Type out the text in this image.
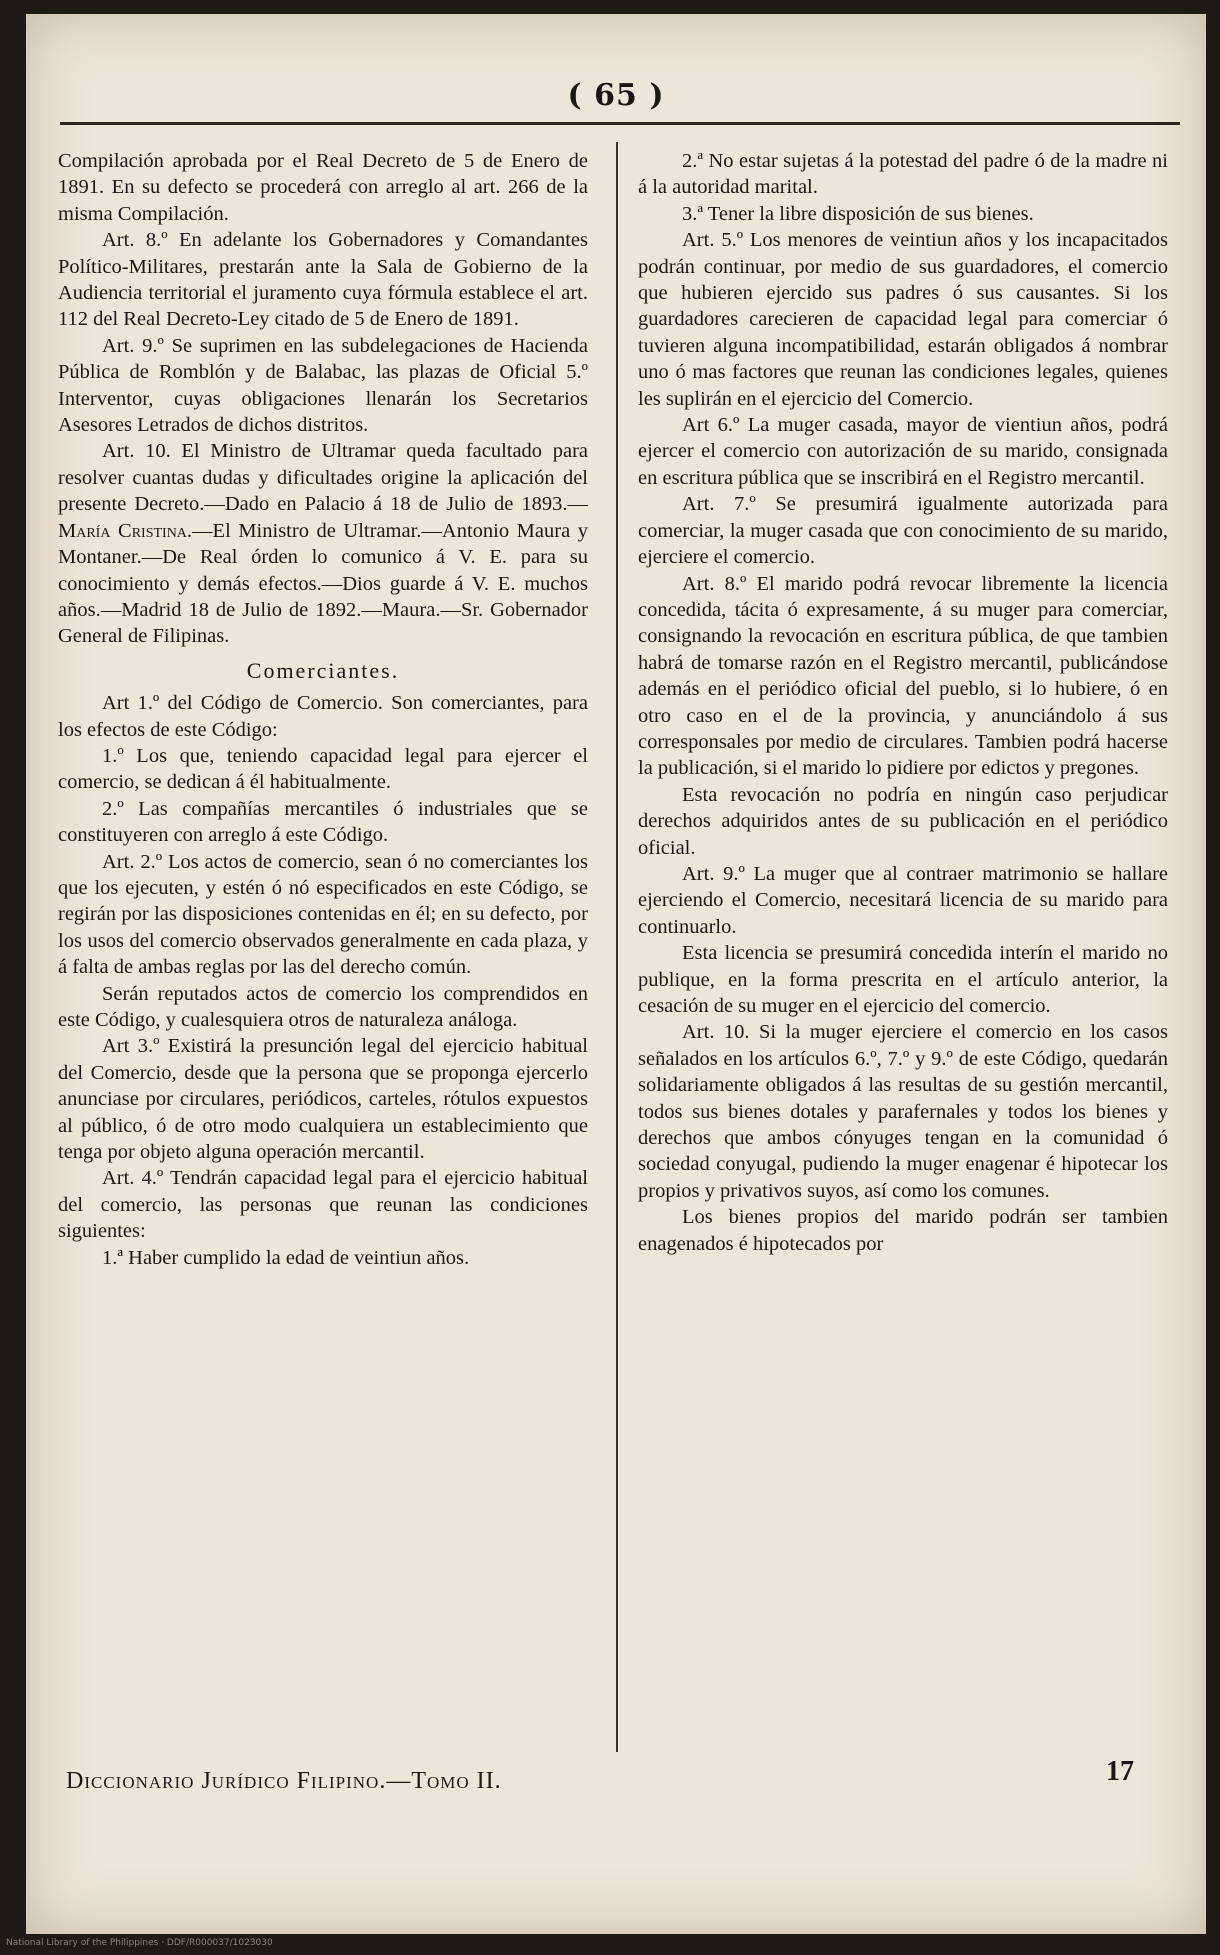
( 65 )

Compilación aprobada por el Real Decreto de 5 de Enero de 1891. En su defecto se procederá con arreglo al art. 266 de la misma Compilación.

Art. 8.º En adelante los Gobernadores y Comandantes Político-Militares, prestarán ante la Sala de Gobierno de la Audiencia territorial el juramento cuya fórmula establece el art. 112 del Real Decreto-Ley citado de 5 de Enero de 1891.

Art. 9.º Se suprimen en las subdelegaciones de Hacienda Pública de Romblón y de Balabac, las plazas de Oficial 5.º Interventor, cuyas obligaciones llenarán los Secretarios Asesores Letrados de dichos distritos.

Art. 10. El Ministro de Ultramar queda facultado para resolver cuantas dudas y dificultades origine la aplicación del presente Decreto.—Dado en Palacio á 18 de Julio de 1893.—María Cristina.—El Ministro de Ultramar.—Antonio Maura y Montaner.—De Real órden lo comunico á V. E. para su conocimiento y demás efectos.—Dios guarde á V. E. muchos años.—Madrid 18 de Julio de 1892.—Maura.—Sr. Gobernador General de Filipinas.

Comerciantes.

Art 1.º del Código de Comercio. Son comerciantes, para los efectos de este Código:

1.º Los que, teniendo capacidad legal para ejercer el comercio, se dedican á él habitualmente.

2.º Las compañías mercantiles ó industriales que se constituyeren con arreglo á este Código.

Art. 2.º Los actos de comercio, sean ó no comerciantes los que los ejecuten, y estén ó nó especificados en este Código, se regirán por las disposiciones contenidas en él; en su defecto, por los usos del comercio observados generalmente en cada plaza, y á falta de ambas reglas por las del derecho común.

Serán reputados actos de comercio los comprendidos en este Código, y cualesquiera otros de naturaleza análoga.

Art 3.º Existirá la presunción legal del ejercicio habitual del Comercio, desde que la persona que se proponga ejercerlo anunciase por circulares, periódicos, carteles, rótulos expuestos al público, ó de otro modo cualquiera un establecimiento que tenga por objeto alguna operación mercantil.

Art. 4.º Tendrán capacidad legal para el ejercicio habitual del comercio, las personas que reunan las condiciones siguientes:

1.ª Haber cumplido la edad de veintiun años.

2.ª No estar sujetas á la potestad del padre ó de la madre ni á la autoridad marital.

3.ª Tener la libre disposición de sus bienes.

Art. 5.º Los menores de veintiun años y los incapacitados podrán continuar, por medio de sus guardadores, el comercio que hubieren ejercido sus padres ó sus causantes. Si los guardadores carecieren de capacidad legal para comerciar ó tuvieren alguna incompatibilidad, estarán obligados á nombrar uno ó mas factores que reunan las condiciones legales, quienes les suplirán en el ejercicio del Comercio.

Art 6.º La muger casada, mayor de vientiun años, podrá ejercer el comercio con autorización de su marido, consignada en escritura pública que se inscribirá en el Registro mercantil.

Art. 7.º Se presumirá igualmente autorizada para comerciar, la muger casada que con conocimiento de su marido, ejerciere el comercio.

Art. 8.º El marido podrá revocar libremente la licencia concedida, tácita ó expresamente, á su muger para comerciar, consignando la revocación en escritura pública, de que tambien habrá de tomarse razón en el Registro mercantil, publicándose además en el periódico oficial del pueblo, si lo hubiere, ó en otro caso en el de la provincia, y anunciándolo á sus corresponsales por medio de circulares. Tambien podrá hacerse la publicación, si el marido lo pidiere por edictos y pregones.

Esta revocación no podría en ningún caso perjudicar derechos adquiridos antes de su publicación en el periódico oficial.

Art. 9.º La muger que al contraer matrimonio se hallare ejerciendo el Comercio, necesitará licencia de su marido para continuarlo.

Esta licencia se presumirá concedida interín el marido no publique, en la forma prescrita en el artículo anterior, la cesación de su muger en el ejercicio del comercio.

Art. 10. Si la muger ejerciere el comercio en los casos señalados en los artículos 6.º, 7.º y 9.º de este Código, quedarán solidariamente obligados á las resultas de su gestión mercantil, todos sus bienes dotales y parafernales y todos los bienes y derechos que ambos cónyuges tengan en la comunidad ó sociedad conyugal, pudiendo la muger enagenar é hipotecar los propios y privativos suyos, así como los comunes.

Los bienes propios del marido podrán ser tambien enagenados é hipotecados por

Diccionario Jurídico Filipino.—Tomo II.	17
National Library of the Philippines · DDF/R000037/1023030
